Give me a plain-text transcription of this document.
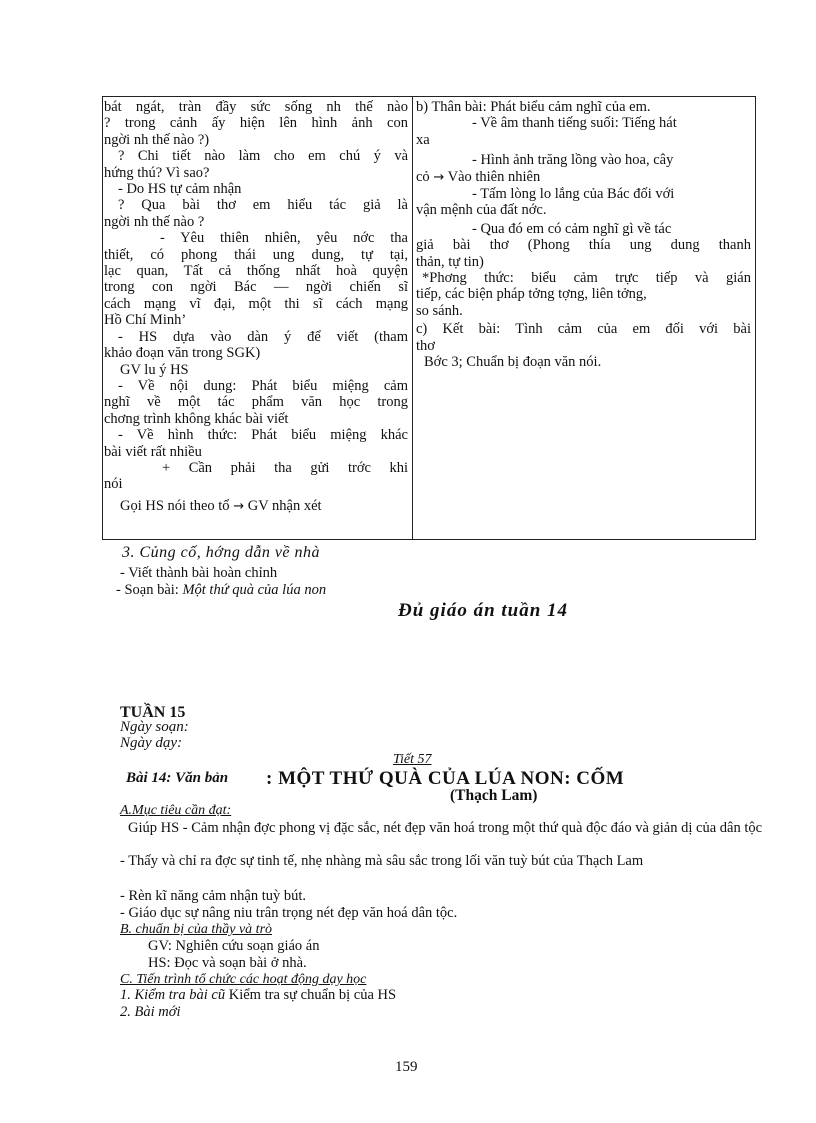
bát ngát, tràn đầy sức sống nh thế nào
? trong cảnh ấy hiện lên hình ảnh con
ngời nh thế nào ?)
? Chi tiết nào làm cho em chú ý và
hứng thú? Vì sao?
- Do HS tự cảm nhận
? Qua bài thơ em hiểu tác giả là
ngời nh thế nào ?
- Yêu thiên nhiên, yêu nớc tha
thiết, có phong thái ung dung, tự tại,
lạc quan, Tất cả thống nhất hoà quyện
trong con ngời Bác — ngời chiến sĩ
cách mạng vĩ đại, một thi sĩ cách mạng
Hồ Chí Minh’
- HS dựa vào dàn ý để viết (tham
khảo đoạn văn trong SGK)
GV lu ý HS
- Về nội dung: Phát biểu miệng cảm
nghĩ về một tác phẩm văn học trong
chơng trình không khác bài viết
- Về hình thức: Phát biểu miệng khác
bài viết rất nhiều
+ Cần phải tha gửi trớc khi
nói
Gọi HS nói theo tổ → GV nhận xét
b) Thân bài: Phát biểu cảm nghĩ của em.
- Về âm thanh tiếng suối: Tiếng hát
xa
- Hình ảnh trăng lồng vào hoa, cây
cỏ → Vào thiên nhiên
- Tấm lòng lo lắng của Bác đối với
vận mệnh của đất nớc.
- Qua đó em có cảm nghĩ gì về tác
giả bài thơ (Phong thía ung dung thanh
thản, tự tin)
*Phơng thức: biểu cảm trực tiếp và gián
tiếp, các biện pháp tởng tợng, liên tởng,
so sánh.
c) Kết bài: Tình cảm của em đối với bài
thơ
Bớc 3; Chuẩn bị đoạn văn nói.
3. Củng cố, hớng dẫn về nhà
- Viết thành bài hoàn chỉnh
- Soạn bài: Một thứ quà của lúa non
Đủ giáo án tuần 14
TUẦN 15
Ngày soạn:
Ngày dạy:
Tiết 57
Bài 14: Văn bản : MỘT THỨ QUÀ CỦA LÚA NON: CỐM
(Thạch Lam)
A.Mục tiêu cần đạt:
Giúp HS - Cảm nhận đợc phong vị đặc sắc, nét đẹp văn hoá trong một thứ quà độc đáo và giản dị của dân tộc
- Thấy và chỉ ra đợc sự tinh tế, nhẹ nhàng mà sâu sắc trong lối văn tuỳ bút của Thạch Lam
- Rèn kĩ năng cảm nhận tuỳ bút.
- Giáo dục sự nâng niu trân trọng nét đẹp văn hoá dân tộc.
B. chuẩn bị của thầy và trò
GV: Nghiên cứu soạn giáo án
HS: Đọc và soạn bài ở nhà.
C. Tiến trình tổ chức các hoạt động dạy học
1. Kiểm tra bài cũ Kiểm tra sự chuẩn bị của HS
2. Bài mới
159
